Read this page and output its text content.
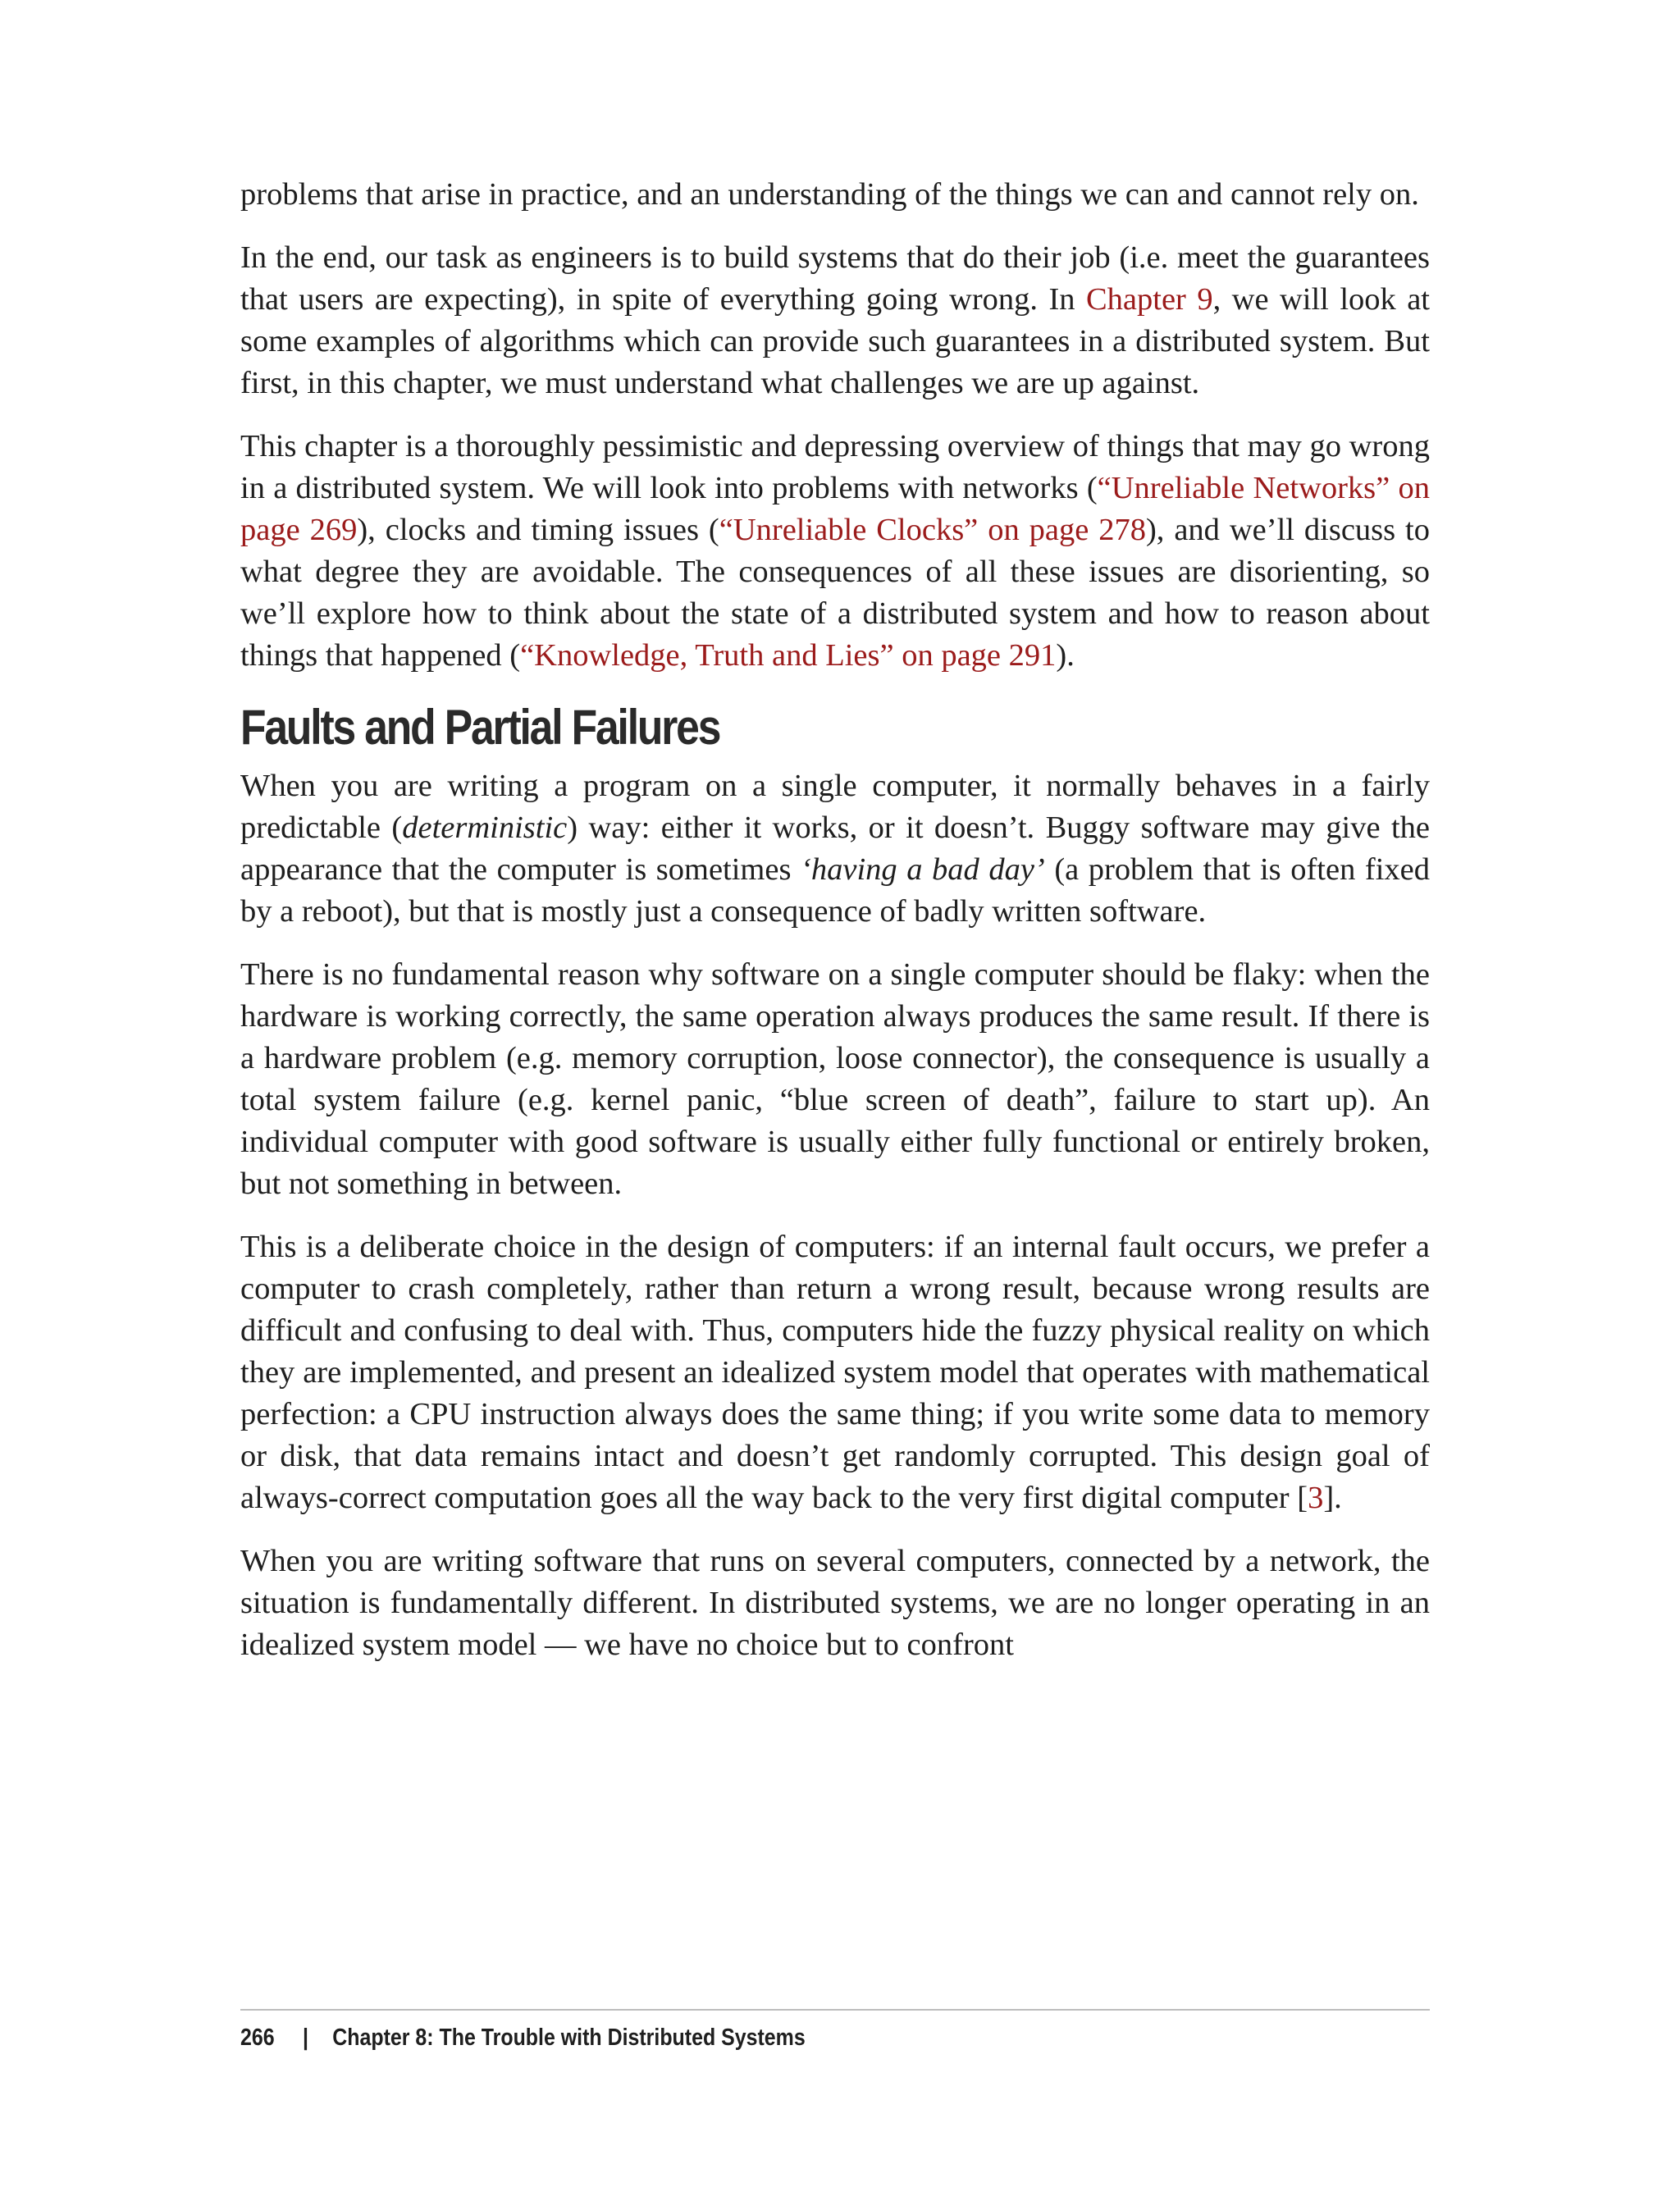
problems that arise in practice, and an understanding of the things we can and cannot rely on.

In the end, our task as engineers is to build systems that do their job (i.e. meet the guarantees that users are expecting), in spite of everything going wrong. In Chapter 9, we will look at some examples of algorithms which can provide such guarantees in a distributed system. But first, in this chapter, we must understand what challenges we are up against.

This chapter is a thoroughly pessimistic and depressing overview of things that may go wrong in a distributed system. We will look into problems with networks (“Unreliable Networks” on page 269), clocks and timing issues (“Unreliable Clocks” on page 278), and we’ll discuss to what degree they are avoidable. The consequences of all these issues are disorienting, so we’ll explore how to think about the state of a distributed system and how to reason about things that happened (“Knowledge, Truth and Lies” on page 291).

Faults and Partial Failures

When you are writing a program on a single computer, it normally behaves in a fairly predictable (deterministic) way: either it works, or it doesn’t. Buggy software may give the appearance that the computer is sometimes ‘having a bad day’ (a problem that is often fixed by a reboot), but that is mostly just a consequence of badly written software.

There is no fundamental reason why software on a single computer should be flaky: when the hardware is working correctly, the same operation always produces the same result. If there is a hardware problem (e.g. memory corruption, loose connector), the consequence is usually a total system failure (e.g. kernel panic, “blue screen of death”, failure to start up). An individual computer with good software is usually either fully functional or entirely broken, but not something in between.

This is a deliberate choice in the design of computers: if an internal fault occurs, we prefer a computer to crash completely, rather than return a wrong result, because wrong results are difficult and confusing to deal with. Thus, computers hide the fuzzy physical reality on which they are implemented, and present an idealized system model that operates with mathematical perfection: a CPU instruction always does the same thing; if you write some data to memory or disk, that data remains intact and doesn’t get randomly corrupted. This design goal of always-correct computation goes all the way back to the very first digital computer [3].

When you are writing software that runs on several computers, connected by a network, the situation is fundamentally different. In distributed systems, we are no longer operating in an idealized system model — we have no choice but to confront

266 | Chapter 8: The Trouble with Distributed Systems
